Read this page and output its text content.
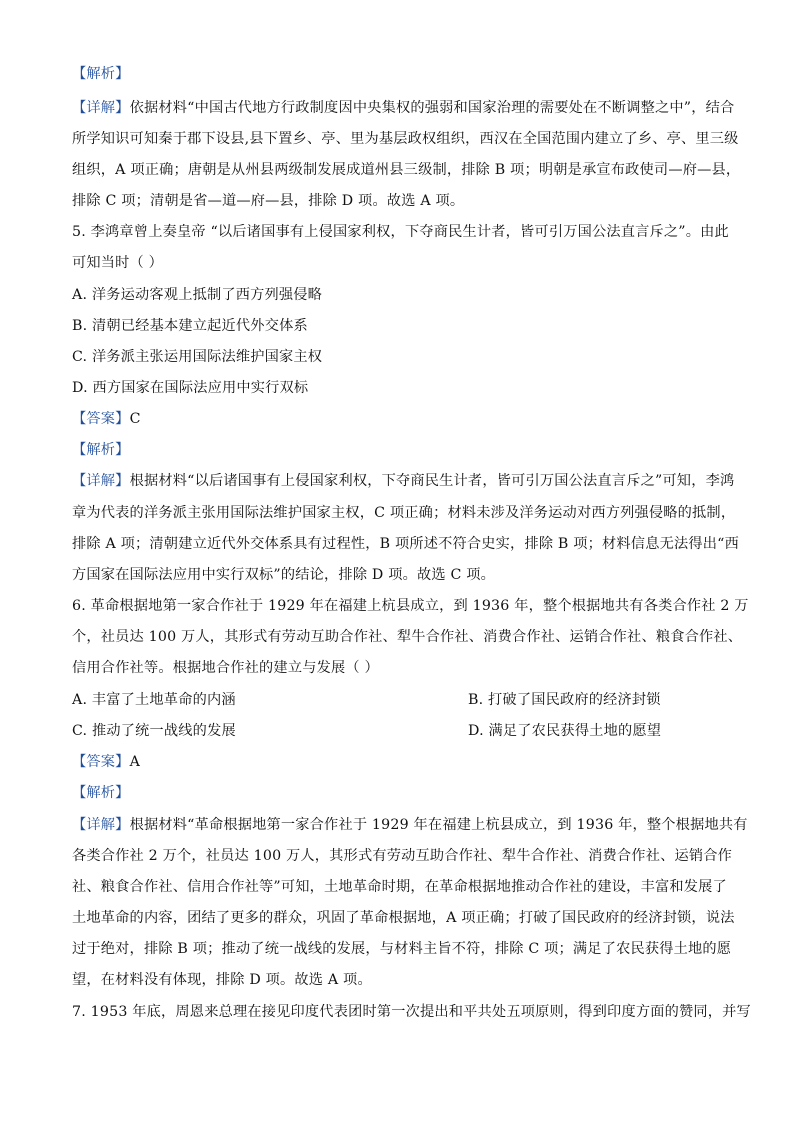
【解析】
【详解】依据材料“中国古代地方行政制度因中央集权的强弱和国家治理的需要处在不断调整之中”，结合
所学知识可知秦于郡下设县,县下置乡、亭、里为基层政权组织，西汉在全国范围内建立了乡、亭、里三级
组织，A 项正确；唐朝是从州县两级制发展成道州县三级制，排除 B 项；明朝是承宣布政使司—府—县，
排除 C 项；清朝是省—道—府—县，排除 D 项。故选 A 项。
5. 李鸿章曾上奏皇帝 “以后诸国事有上侵国家利权，下夺商民生计者，皆可引万国公法直言斥之”。由此
可知当时（ ）
A. 洋务运动客观上抵制了西方列强侵略
B. 清朝已经基本建立起近代外交体系
C. 洋务派主张运用国际法维护国家主权
D. 西方国家在国际法应用中实行双标
【答案】C
【解析】
【详解】根据材料“以后诸国事有上侵国家利权，下夺商民生计者，皆可引万国公法直言斥之”可知，李鸿
章为代表的洋务派主张用国际法维护国家主权，C 项正确；材料未涉及洋务运动对西方列强侵略的抵制，
排除 A 项；清朝建立近代外交体系具有过程性，B 项所述不符合史实，排除 B 项；材料信息无法得出“西
方国家在国际法应用中实行双标”的结论，排除 D 项。故选 C 项。
6. 革命根据地第一家合作社于 1929 年在福建上杭县成立，到 1936 年，整个根据地共有各类合作社 2 万
个，社员达 100 万人，其形式有劳动互助合作社、犁牛合作社、消费合作社、运销合作社、粮食合作社、
信用合作社等。根据地合作社的建立与发展（ ）
A. 丰富了土地革命的内涵	B. 打破了国民政府的经济封锁
C. 推动了统一战线的发展	D. 满足了农民获得土地的愿望
【答案】A
【解析】
【详解】根据材料“革命根据地第一家合作社于 1929 年在福建上杭县成立，到 1936 年，整个根据地共有
各类合作社 2 万个，社员达 100 万人，其形式有劳动互助合作社、犁牛合作社、消费合作社、运销合作
社、粮食合作社、信用合作社等”可知，土地革命时期，在革命根据地推动合作社的建设，丰富和发展了
土地革命的内容，团结了更多的群众，巩固了革命根据地，A 项正确；打破了国民政府的经济封锁，说法
过于绝对，排除 B 项；推动了统一战线的发展，与材料主旨不符，排除 C 项；满足了农民获得土地的愿
望，在材料没有体现，排除 D 项。故选 A 项。
7. 1953 年底，周恩来总理在接见印度代表团时第一次提出和平共处五项原则，得到印度方面的赞同，并写
